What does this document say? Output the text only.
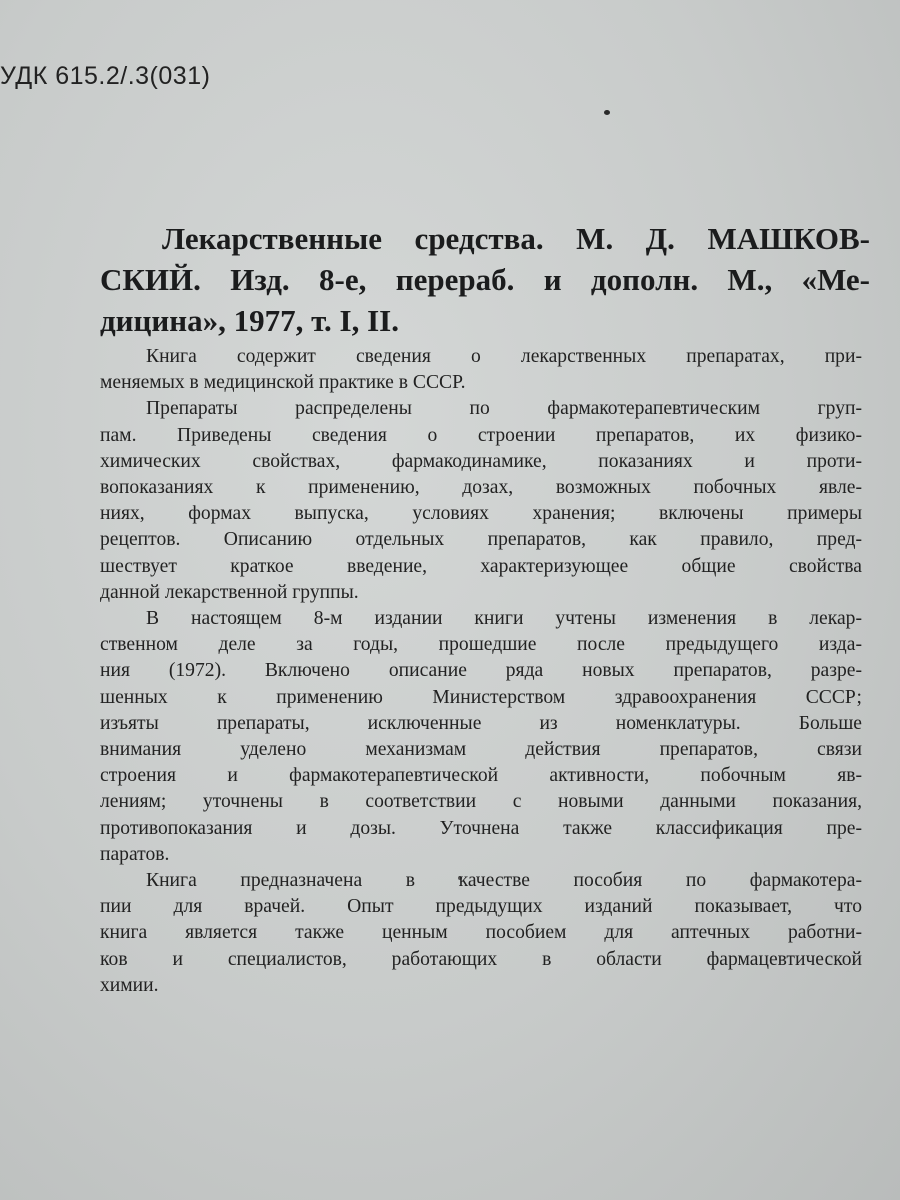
УДК 615.2/.3(031)
Лекарственные средства. М. Д. МАШКОВ-
СКИЙ. Изд. 8-е, перераб. и дополн. М., «Ме-
дицина», 1977, т. I, II.
Книга содержит сведения о лекарственных препаратах, при-
меняемых в медицинской практике в СССР.
Препараты распределены по фармакотерапевтическим груп-
пам. Приведены сведения о строении препаратов, их физико-
химических свойствах, фармакодинамике, показаниях и проти-
вопоказаниях к применению, дозах, возможных побочных явле-
ниях, формах выпуска, условиях хранения; включены примеры
рецептов. Описанию отдельных препаратов, как правило, пред-
шествует краткое введение, характеризующее общие свойства
данной лекарственной группы.
В настоящем 8-м издании книги учтены изменения в лекар-
ственном деле за годы, прошедшие после предыдущего изда-
ния (1972). Включено описание ряда новых препаратов, разре-
шенных к применению Министерством здравоохранения СССР;
изъяты препараты, исключенные из номенклатуры. Больше
внимания уделено механизмам действия препаратов, связи
строения и фармакотерапевтической активности, побочным яв-
лениям; уточнены в соответствии с новыми данными показания,
противопоказания и дозы. Уточнена также классификация пре-
паратов.
Книга предназначена в качестве пособия по фармакотера-
пии для врачей. Опыт предыдущих изданий показывает, что
книга является также ценным пособием для аптечных работни-
ков и специалистов, работающих в области фармацевтической
химии.
